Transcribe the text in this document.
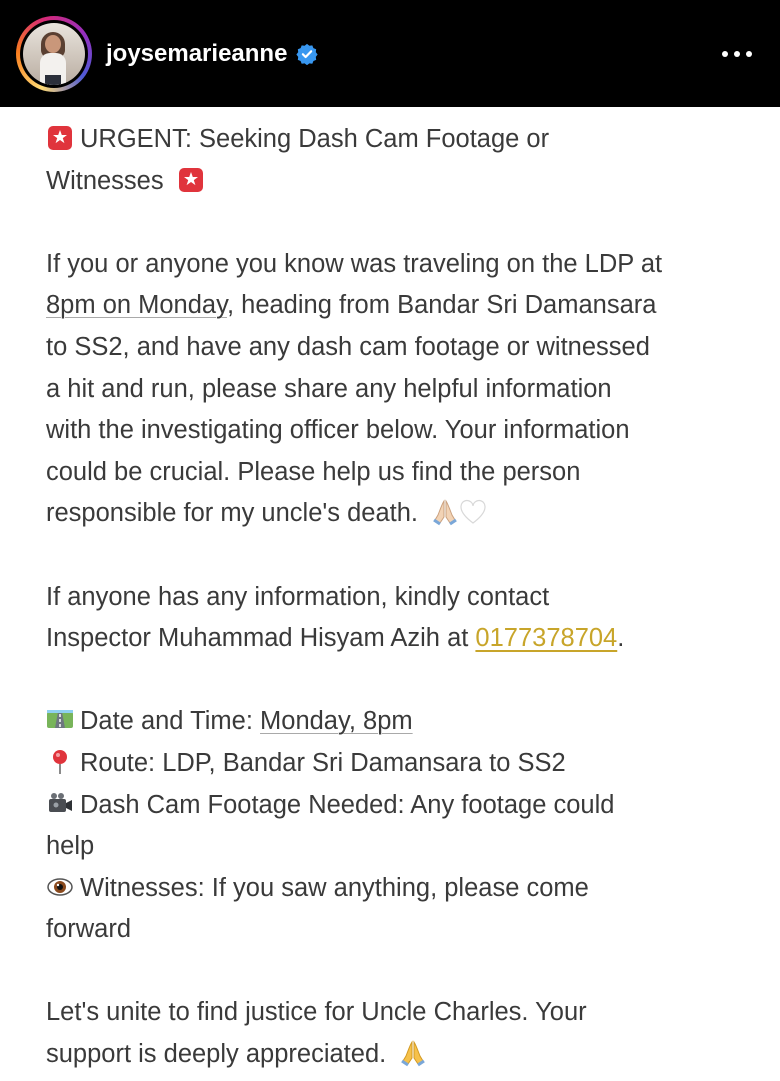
joysemarieanne

URGENT: Seeking Dash Cam Footage or

Witnesses

If you or anyone you know was traveling on the LDP at

8pm on Monday, heading from Bandar Sri Damansara

to SS2, and have any dash cam footage or witnessed

a hit and run, please share any helpful information

with the investigating officer below. Your information

could be crucial. Please help us find the person

responsible for my uncle's death.

If anyone has any information, kindly contact

Inspector Muhammad Hisyam Azih at 0177378704.

Date and Time: Monday, 8pm

Route: LDP, Bandar Sri Damansara to SS2

Dash Cam Footage Needed: Any footage could

help

Witnesses: If you saw anything, please come

forward

Let's unite to find justice for Uncle Charles. Your

support is deeply appreciated.
